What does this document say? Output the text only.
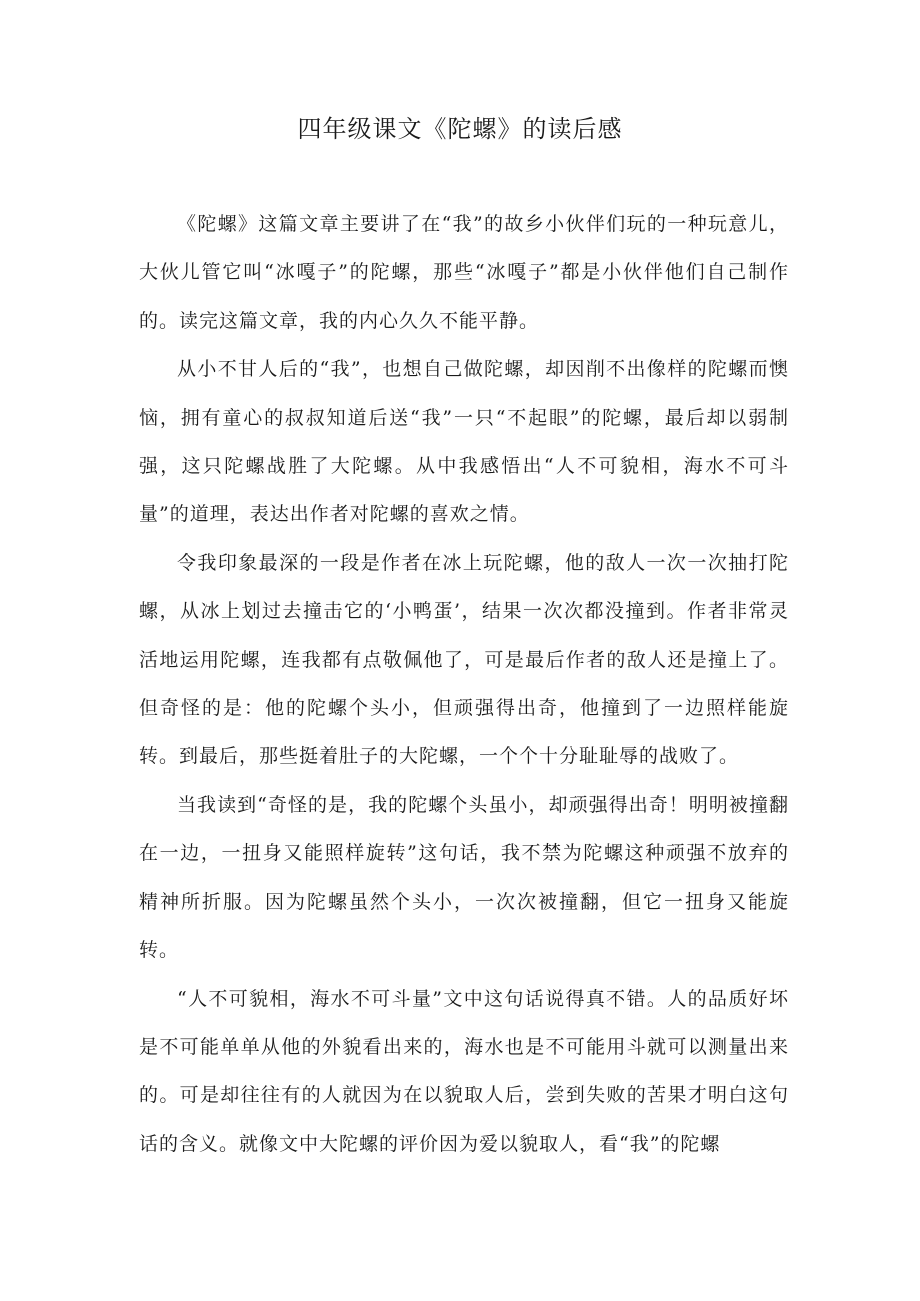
四年级课文《陀螺》的读后感

《陀螺》这篇文章主要讲了在“我”的故乡小伙伴们玩的一种玩意儿，大伙儿管它叫“冰嘎子”的陀螺，那些“冰嘎子”都是小伙伴他们自己制作的。读完这篇文章，我的内心久久不能平静。

从小不甘人后的“我”，也想自己做陀螺，却因削不出像样的陀螺而懊恼，拥有童心的叔叔知道后送“我”一只“不起眼”的陀螺，最后却以弱制强，这只陀螺战胜了大陀螺。从中我感悟出“人不可貌相，海水不可斗量”的道理，表达出作者对陀螺的喜欢之情。

令我印象最深的一段是作者在冰上玩陀螺，他的敌人一次一次抽打陀螺，从冰上划过去撞击它的‘小鸭蛋’，结果一次次都没撞到。作者非常灵活地运用陀螺，连我都有点敬佩他了，可是最后作者的敌人还是撞上了。但奇怪的是：他的陀螺个头小，但顽强得出奇，他撞到了一边照样能旋转。到最后，那些挺着肚子的大陀螺，一个个十分耻耻辱的战败了。

当我读到“奇怪的是，我的陀螺个头虽小，却顽强得出奇！明明被撞翻在一边，一扭身又能照样旋转”这句话，我不禁为陀螺这种顽强不放弃的精神所折服。因为陀螺虽然个头小，一次次被撞翻，但它一扭身又能旋转。

“人不可貌相，海水不可斗量”文中这句话说得真不错。人的品质好坏是不可能单单从他的外貌看出来的，海水也是不可能用斗就可以测量出来的。可是却往往有的人就因为在以貌取人后，尝到失败的苦果才明白这句话的含义。就像文中大陀螺的评价因为爱以貌取人，看“我”的陀螺
